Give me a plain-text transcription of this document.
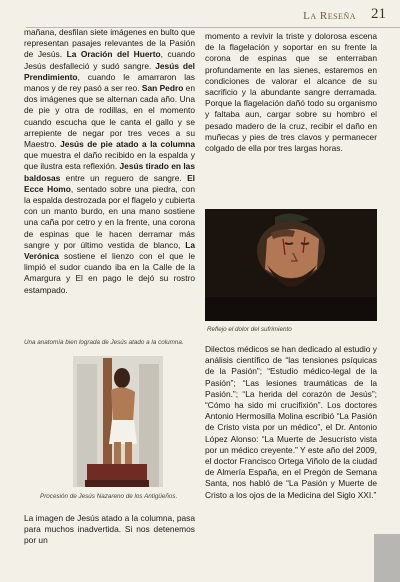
La Reseña 21

mañana, desfilan siete imágenes en bulto que representan pasajes relevantes de la Pasión de Jesús. La Oración del Huerto, cuando Jesús desfalleció y sudó sangre. Jesús del Prendimiento, cuando le amarraron las manos y de rey pasó a ser reo. San Pedro en dos imágenes que se alternan cada año. Una de pie y otra de rodillas, en el momento cuando escucha que le canta el gallo y se arrepiente de negar por tres veces a su Maestro. Jesús de pie atado a la columna que muestra el daño recibido en la espalda y que ilustra esta reflexión. Jesús tirado en las baldosas entre un reguero de sangre. El Ecce Homo, sentado sobre una piedra, con la espalda destrozada por el flagelo y cubierta con un manto burdo, en una mano sostiene una caña por cetro y en la frente, una corona de espinas que le hacen derramar más sangre y por último vestida de blanco, La Verónica sostiene el lienzo con el que le limpió el sudor cuando iba en la Calle de la Amargura y El en pago le dejó su rostro estampado.

Una anatomía bien lograda de Jesús atado a la columna.
Procesión de Jesús Nazareno de los Antigüeños.

La imagen de Jesús atado a la columna, pasa para muchos inadvertida. Si nos detenemos por un

momento a revivir la triste y dolorosa escena de la flagelación y soportar en su frente la corona de espinas que se enterraban profundamente en las sienes, estaremos en condiciones de valorar el alcance de su sacrificio y la abundante sangre derramada. Porque la flagelación dañó todo su organismo y faltaba aun, cargar sobre su hombro el pesado madero de la cruz, recibir el daño en muñecas y pies de tres clavos y permanecer colgado de ella por tres largas horas.

Reflejo el dolor del sufrimiento

Dilectos médicos se han dedicado al estudio y análisis científico de “las tensiones psíquicas de la Pasión”; “Estudio médico-legal de la Pasión”; “Las lesiones traumáticas de la Pasión.”; “La herida del corazón de Jesús”; “Cómo ha sido mi crucifixión”. Los doctores Antonio Hermosilla Molina escribió “La Pasión de Cristo vista por un médico”, el Dr. Antonio López Alonso: “La Muerte de Jesucristo vista por un médico creyente.” Y este año del 2009, el doctor Francisco Ortega Viñolo de la ciudad de Almería España, en el Pregón de Semana Santa, nos habló de “La Pasión y Muerte de Cristo a los ojos de la Medicina del Siglo XXI.”
